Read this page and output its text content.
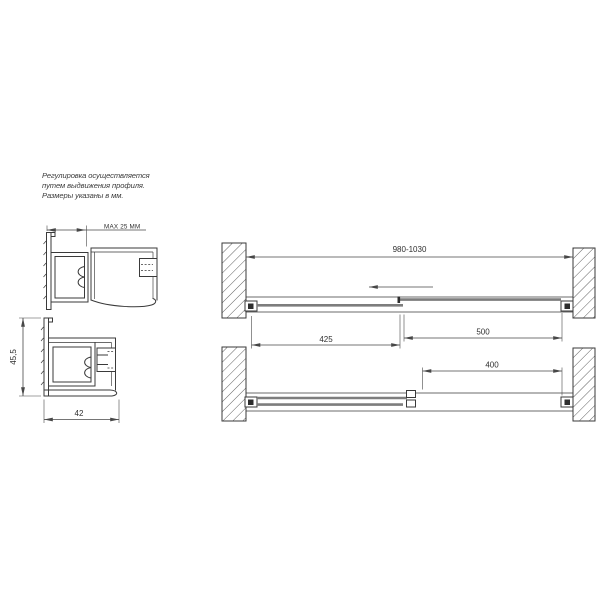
Регулировка осуществляется
путем выдвижения профиля.
Размеры указаны в мм.
MAX 25 MM
45,5
42
980-1030
425
500
400
